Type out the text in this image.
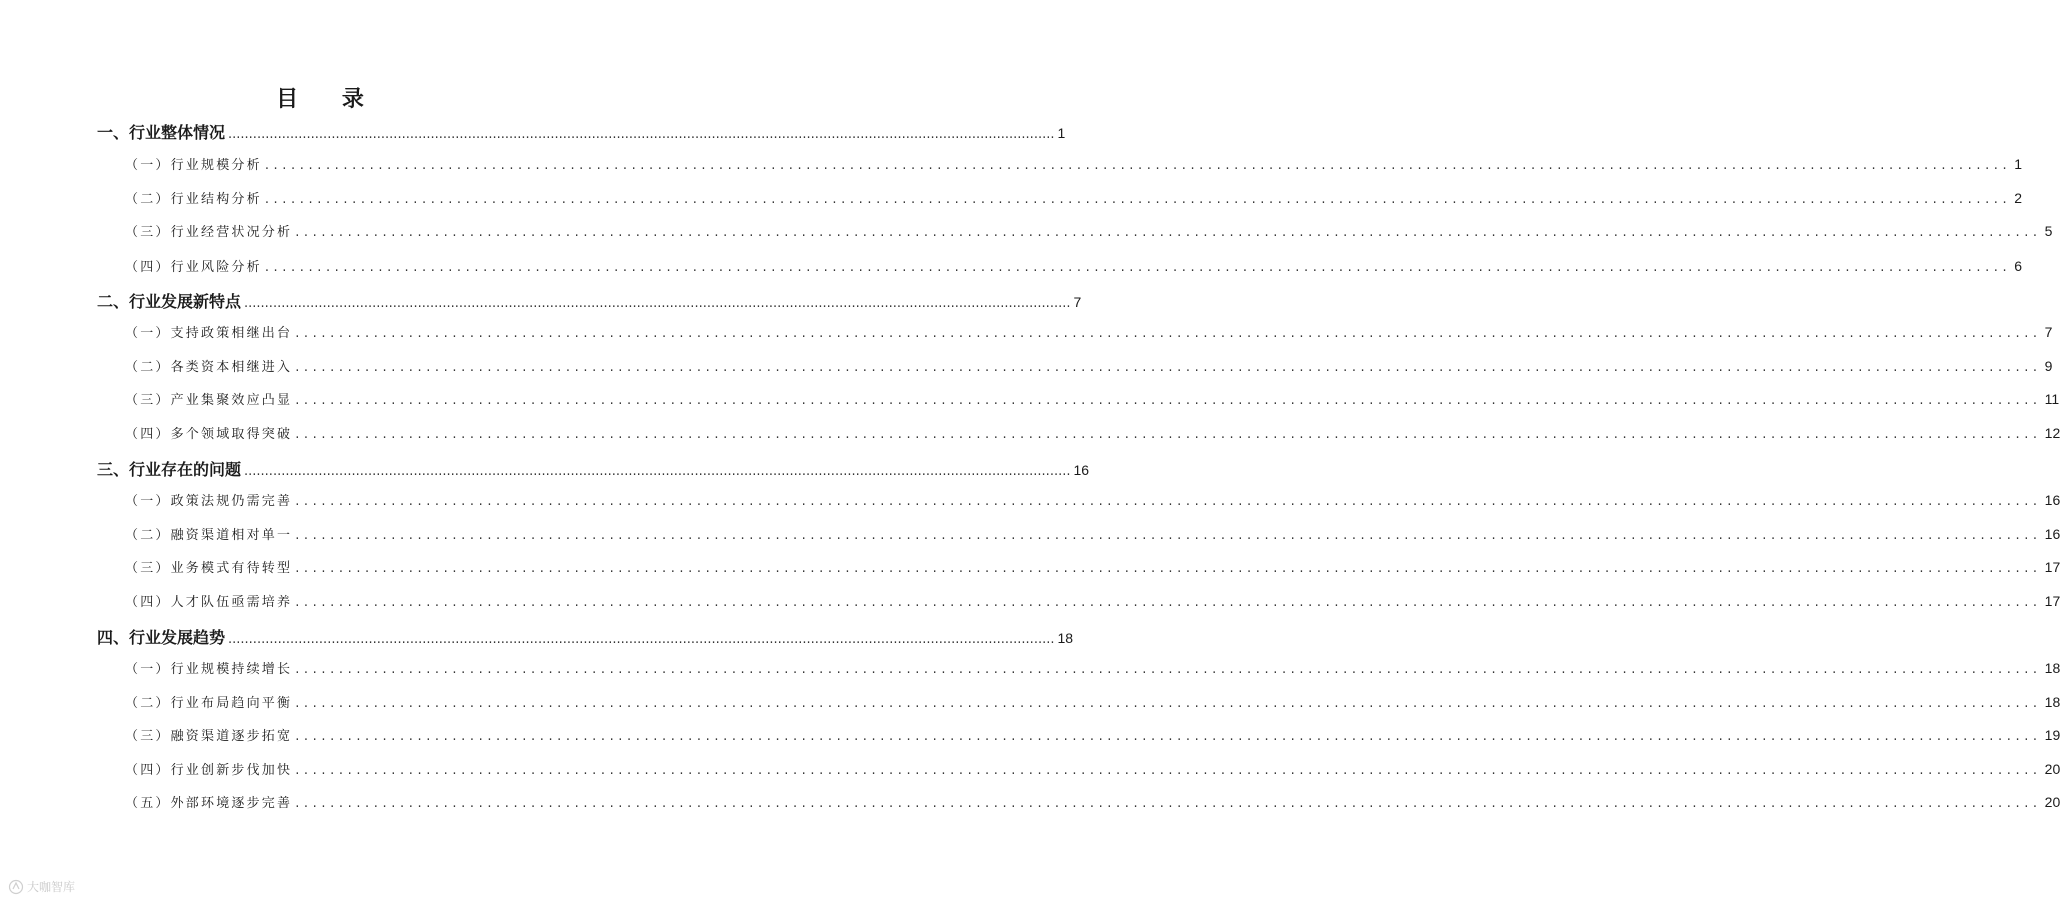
目 录
一、行业整体情况 ........................................................................................................................................................................................................ 1
（一）行业规模分析 ........................................................................................................................................................................................................ 1
（二）行业结构分析 ........................................................................................................................................................................................................ 2
（三）行业经营状况分析 ........................................................................................................................................................................................................ 5
（四）行业风险分析 ........................................................................................................................................................................................................ 6
二、行业发展新特点 ........................................................................................................................................................................................................ 7
（一）支持政策相继出台 ........................................................................................................................................................................................................ 7
（二）各类资本相继进入 ........................................................................................................................................................................................................ 9
（三）产业集聚效应凸显 ........................................................................................................................................................................................................ 11
（四）多个领域取得突破 ........................................................................................................................................................................................................ 12
三、行业存在的问题 ........................................................................................................................................................................................................ 16
（一）政策法规仍需完善 ........................................................................................................................................................................................................ 16
（二）融资渠道相对单一 ........................................................................................................................................................................................................ 16
（三）业务模式有待转型 ........................................................................................................................................................................................................ 17
（四）人才队伍亟需培养 ........................................................................................................................................................................................................ 17
四、行业发展趋势 ........................................................................................................................................................................................................ 18
（一）行业规模持续增长 ........................................................................................................................................................................................................ 18
（二）行业布局趋向平衡 ........................................................................................................................................................................................................ 18
（三）融资渠道逐步拓宽 ........................................................................................................................................................................................................ 19
（四）行业创新步伐加快 ........................................................................................................................................................................................................ 20
（五）外部环境逐步完善 ........................................................................................................................................................................................................ 20
大咖智库
